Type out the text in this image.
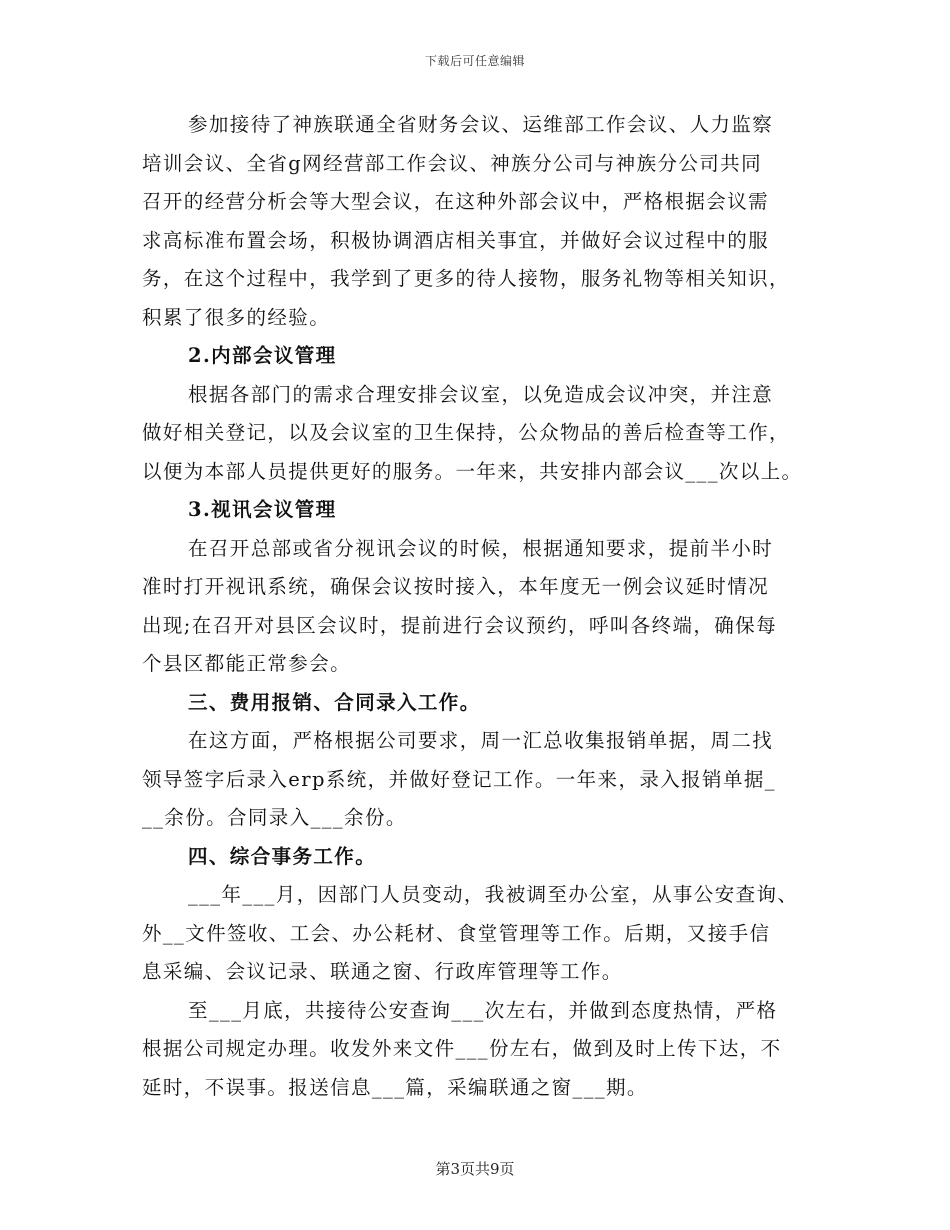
下载后可任意编辑
参加接待了神族联通全省财务会议、运维部工作会议、人力监察
培训会议、全省g网经营部工作会议、神族分公司与神族分公司共同
召开的经营分析会等大型会议，在这种外部会议中，严格根据会议需
求高标准布置会场，积极协调酒店相关事宜，并做好会议过程中的服
务，在这个过程中，我学到了更多的待人接物，服务礼物等相关知识，
积累了很多的经验。
2.内部会议管理
根据各部门的需求合理安排会议室，以免造成会议冲突，并注意
做好相关登记，以及会议室的卫生保持，公众物品的善后检查等工作，
以便为本部人员提供更好的服务。一年来，共安排内部会议___次以上。
3.视讯会议管理
在召开总部或省分视讯会议的时候，根据通知要求，提前半小时
准时打开视讯系统，确保会议按时接入，本年度无一例会议延时情况
出现;在召开对县区会议时，提前进行会议预约，呼叫各终端，确保每
个县区都能正常参会。
三、费用报销、合同录入工作。
在这方面，严格根据公司要求，周一汇总收集报销单据，周二找
领导签字后录入erp系统，并做好登记工作。一年来，录入报销单据_
__余份。合同录入___余份。
四、综合事务工作。
___年___月，因部门人员变动，我被调至办公室，从事公安查询、
外__文件签收、工会、办公耗材、食堂管理等工作。后期，又接手信
息采编、会议记录、联通之窗、行政库管理等工作。
至___月底，共接待公安查询___次左右，并做到态度热情，严格
根据公司规定办理。收发外来文件___份左右，做到及时上传下达，不
延时，不误事。报送信息___篇，采编联通之窗___期。
第3页共9页
